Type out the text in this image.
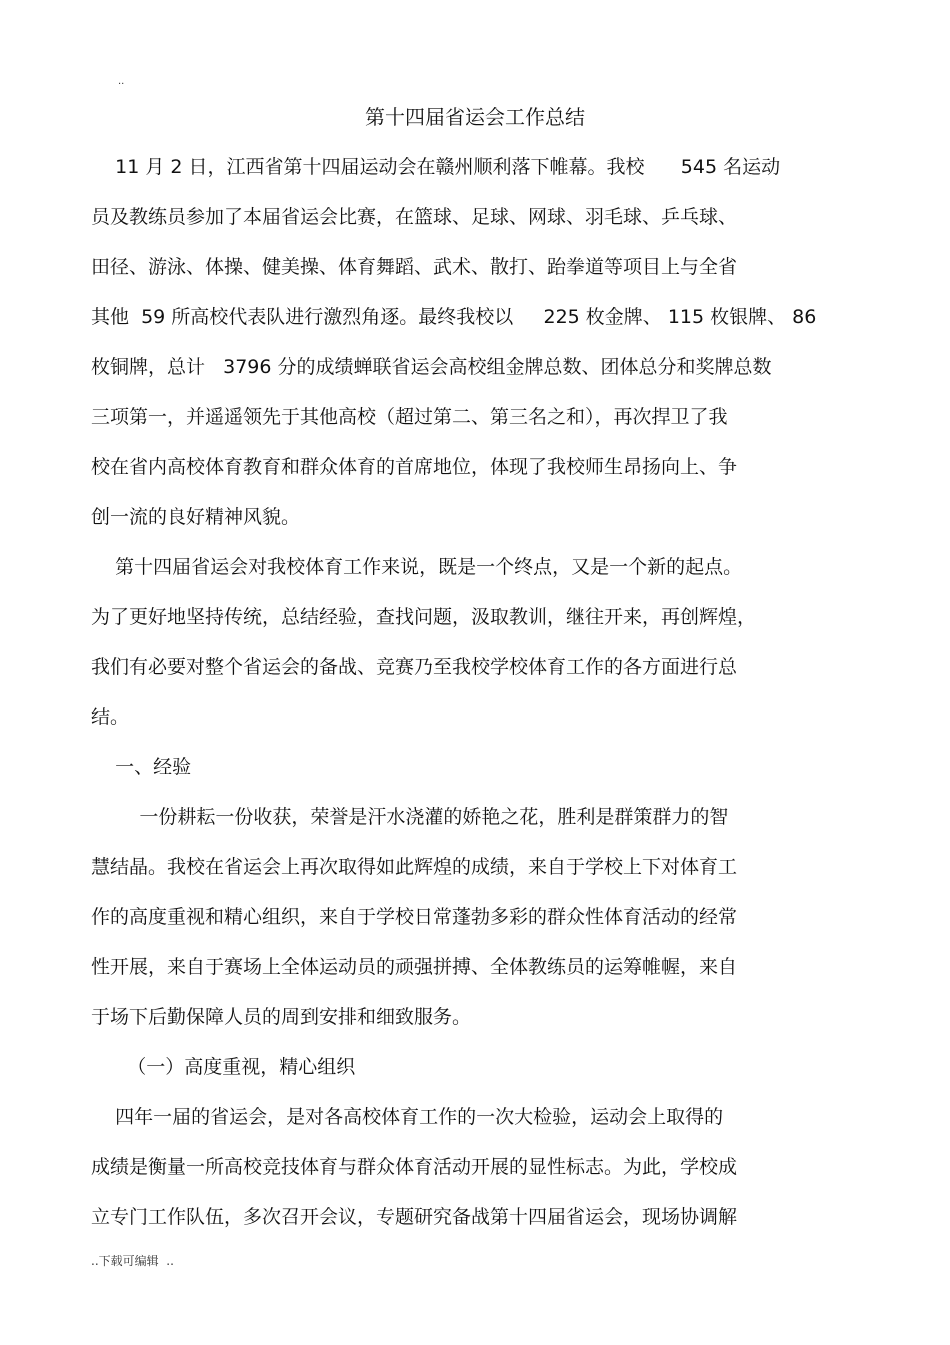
..
第十四届省运会工作总结
11 月 2 日，江西省第十四届运动会在赣州顺利落下帷幕。我校      545 名运动
员及教练员参加了本届省运会比赛，在篮球、足球、网球、羽毛球、乒乓球、
田径、游泳、体操、健美操、体育舞蹈、武术、散打、跆拳道等项目上与全省
其他  59 所高校代表队进行激烈角逐。最终我校以     225 枚金牌、 115 枚银牌、 86
枚铜牌，总计   3796 分的成绩蝉联省运会高校组金牌总数、团体总分和奖牌总数
三项第一，并遥遥领先于其他高校（超过第二、第三名之和），再次捍卫了我
校在省内高校体育教育和群众体育的首席地位，体现了我校师生昂扬向上、争
创一流的良好精神风貌。
第十四届省运会对我校体育工作来说，既是一个终点，又是一个新的起点。
为了更好地坚持传统，总结经验，查找问题，汲取教训，继往开来，再创辉煌，
我们有必要对整个省运会的备战、竞赛乃至我校学校体育工作的各方面进行总
结。
一、经验
一份耕耘一份收获，荣誉是汗水浇灌的娇艳之花，胜利是群策群力的智
慧结晶。我校在省运会上再次取得如此辉煌的成绩，来自于学校上下对体育工
作的高度重视和精心组织，来自于学校日常蓬勃多彩的群众性体育活动的经常
性开展，来自于赛场上全体运动员的顽强拼搏、全体教练员的运筹帷幄，来自
于场下后勤保障人员的周到安排和细致服务。
（一）高度重视，精心组织
四年一届的省运会，是对各高校体育工作的一次大检验，运动会上取得的
成绩是衡量一所高校竞技体育与群众体育活动开展的显性标志。为此，学校成
立专门工作队伍，多次召开会议，专题研究备战第十四届省运会，现场协调解
..下载可编辑  ..
